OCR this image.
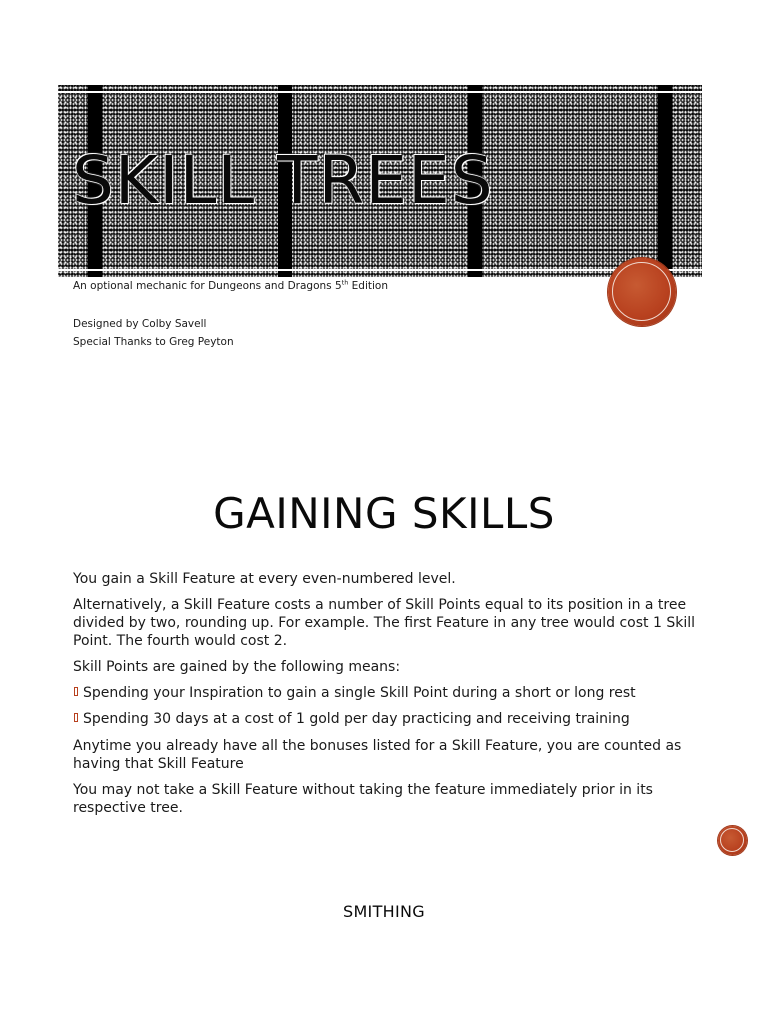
SKILL TREES
An optional mechanic for Dungeons and Dragons 5th Edition
Designed by Colby Savell
Special Thanks to Greg Peyton
GAINING SKILLS

You gain a Skill Feature at every even-numbered level.

Alternatively, a Skill Feature costs a number of Skill Points equal to its position in a tree divided by two, rounding up. For example. The first Feature in any tree would cost 1 Skill Point. The fourth would cost 2.

Skill Points are gained by the following means:

Spending your Inspiration to gain a single Skill Point during a short or long rest
Spending 30 days at a cost of 1 gold per day practicing and receiving training

Anytime you already have all the bonuses listed for a Skill Feature, you are counted as having that Skill Feature

You may not take a Skill Feature without taking the feature immediately prior in its respective tree.

SMITHING
